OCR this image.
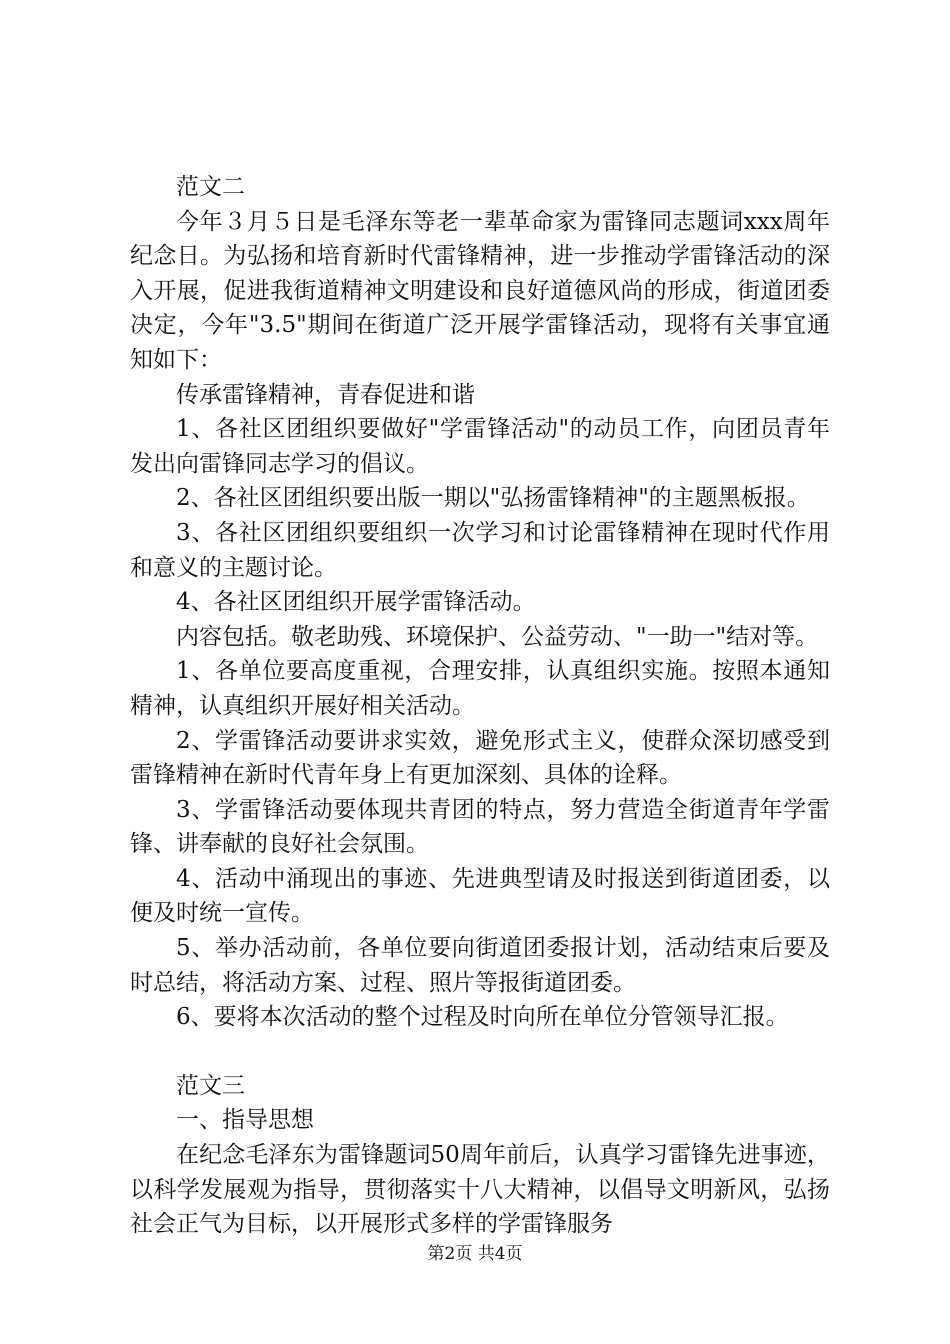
范文二

今年３月５日是毛泽东等老一辈革命家为雷锋同志题词xxx周年纪念日。为弘扬和培育新时代雷锋精神，进一步推动学雷锋活动的深入开展，促进我街道精神文明建设和良好道德风尚的形成，街道团委决定，今年"3.5"期间在街道广泛开展学雷锋活动，现将有关事宜通知如下：

传承雷锋精神，青春促进和谐

1、各社区团组织要做好"学雷锋活动"的动员工作，向团员青年发出向雷锋同志学习的倡议。

2、各社区团组织要出版一期以"弘扬雷锋精神"的主题黑板报。

3、各社区团组织要组织一次学习和讨论雷锋精神在现时代作用和意义的主题讨论。

4、各社区团组织开展学雷锋活动。

内容包括。敬老助残、环境保护、公益劳动、"一助一"结对等。

1、各单位要高度重视，合理安排，认真组织实施。按照本通知精神，认真组织开展好相关活动。

2、学雷锋活动要讲求实效，避免形式主义，使群众深切感受到雷锋精神在新时代青年身上有更加深刻、具体的诠释。

3、学雷锋活动要体现共青团的特点，努力营造全街道青年学雷锋、讲奉献的良好社会氛围。

4、活动中涌现出的事迹、先进典型请及时报送到街道团委，以便及时统一宣传。

5、举办活动前，各单位要向街道团委报计划，活动结束后要及时总结，将活动方案、过程、照片等报街道团委。

6、要将本次活动的整个过程及时向所在单位分管领导汇报。

范文三

一、指导思想

在纪念毛泽东为雷锋题词50周年前后，认真学习雷锋先进事迹，以科学发展观为指导，贯彻落实十八大精神，以倡导文明新风，弘扬社会正气为目标，以开展形式多样的学雷锋服务

第2页 共4页
